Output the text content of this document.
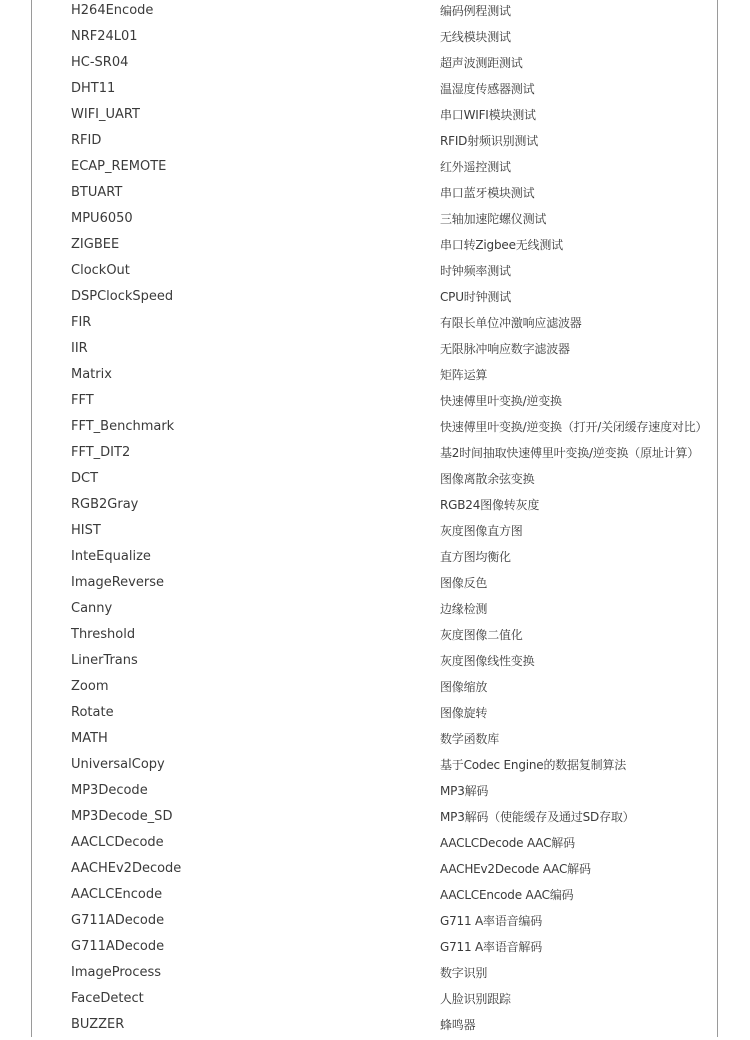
H264Encode	编码例程测试
NRF24L01	无线模块测试
HC-SR04	超声波测距测试
DHT11	温湿度传感器测试
WIFI_UART	串口WIFI模块测试
RFID	RFID射频识别测试
ECAP_REMOTE	红外遥控测试
BTUART	串口蓝牙模块测试
MPU6050	三轴加速陀螺仪测试
ZIGBEE	串口转Zigbee无线测试
ClockOut	时钟频率测试
DSPClockSpeed	CPU时钟测试
FIR	有限长单位冲激响应滤波器
IIR	无限脉冲响应数字滤波器
Matrix	矩阵运算
FFT	快速傅里叶变换/逆变换
FFT_Benchmark	快速傅里叶变换/逆变换（打开/关闭缓存速度对比）
FFT_DIT2	基2时间抽取快速傅里叶变换/逆变换（原址计算）
DCT	图像离散余弦变换
RGB2Gray	RGB24图像转灰度
HIST	灰度图像直方图
InteEqualize	直方图均衡化
ImageReverse	图像反色
Canny	边缘检测
Threshold	灰度图像二值化
LinerTrans	灰度图像线性变换
Zoom	图像缩放
Rotate	图像旋转
MATH	数学函数库
UniversalCopy	基于Codec Engine的数据复制算法
MP3Decode	MP3解码
MP3Decode_SD	MP3解码（使能缓存及通过SD存取）
AACLCDecode	AACLCDecode AAC解码
AACHEv2Decode	AACHEv2Decode AAC解码
AACLCEncode	AACLCEncode AAC编码
G711ADecode	G711 A率语音编码
G711ADecode	G711 A率语音解码
ImageProcess	数字识别
FaceDetect	人脸识别跟踪
BUZZER	蜂鸣器
